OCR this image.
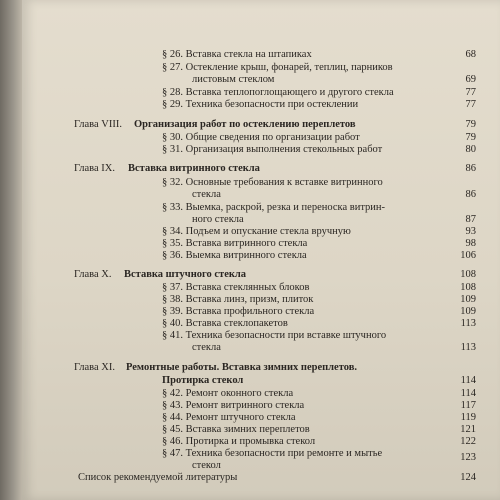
§ 26. Вставка стекла на штапиках	68
§ 27. Остекление крыш, фонарей, теплиц, парников
листовым стеклом	69
§ 28. Вставка теплопоглощающего и другого стекла	77
§ 29. Техника безопасности при остеклении	77
Глава VIII. Организация работ по остеклению переплетов	79
§ 30. Общие сведения по организации работ	79
§ 31. Организация выполнения стекольных работ	80
Глава IX. Вставка витринного стекла	86
§ 32. Основные требования к вставке витринного
стекла	86
§ 33. Выемка, раскрой, резка и переноска витрин-
ного стекла	87
§ 34. Подъем и опускание стекла вручную	93
§ 35. Вставка витринного стекла	98
§ 36. Выемка витринного стекла	106
Глава X. Вставка штучного стекла	108
§ 37. Вставка стеклянных блоков	108
§ 38. Вставка линз, призм, плиток	109
§ 39. Вставка профильного стекла	109
§ 40. Вставка стеклопакетов	113
§ 41. Техника безопасности при вставке штучного
стекла	113
Глава XI. Ремонтные работы. Вставка зимних переплетов.
Протирка стекол	114
§ 42. Ремонт оконного стекла	114
§ 43. Ремонт витринного стекла	117
§ 44. Ремонт штучного стекла	119
§ 45. Вставка зимних переплетов	121
§ 46. Протирка и промывка стекол	122
§ 47. Техника безопасности при ремонте и мытье	123
стекол
Список рекомендуемой литературы	124
